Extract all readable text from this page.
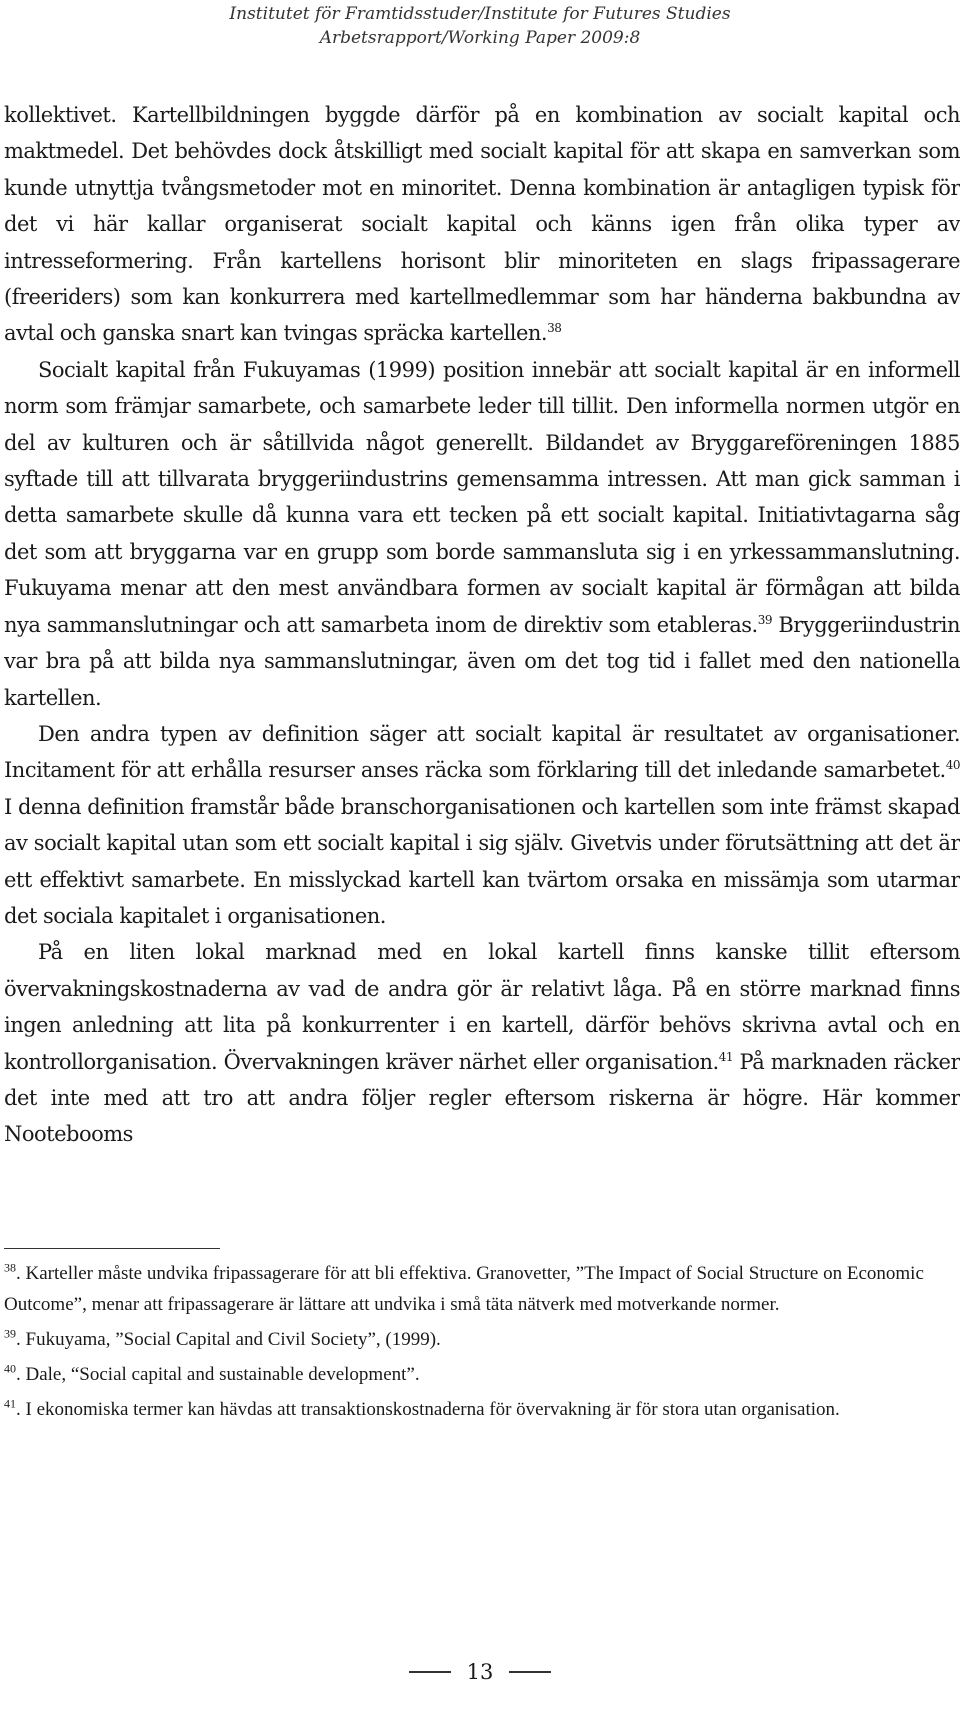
Institutet för Framtidsstuder/Institute for Futures Studies
Arbetsrapport/Working Paper 2009:8

kollektivet. Kartellbildningen byggde därför på en kombination av socialt kapital och maktmedel. Det behövdes dock åtskilligt med socialt kapital för att skapa en samverkan som kunde utnyttja tvångsmetoder mot en minoritet. Denna kombination är antagligen typisk för det vi här kallar organiserat socialt kapital och känns igen från olika typer av intresseformering. Från kartellens horisont blir minoriteten en slags fripassagerare (freeriders) som kan konkurrera med kartellmedlemmar som har händerna bakbundna av avtal och ganska snart kan tvingas spräcka kartellen.$^{38}$

Socialt kapital från Fukuyamas (1999) position innebär att socialt kapital är en informell norm som främjar samarbete, och samarbete leder till tillit. Den informella normen utgör en del av kulturen och är såtillvida något generellt. Bildandet av Bryggareföreningen 1885 syftade till att tillvarata bryggeriindustrins gemensamma intressen. Att man gick samman i detta samarbete skulle då kunna vara ett tecken på ett socialt kapital. Initiativtagarna såg det som att bryggarna var en grupp som borde sammansluta sig i en yrkessammanslutning. Fukuyama menar att den mest användbara formen av socialt kapital är förmågan att bilda nya sammanslutningar och att samarbeta inom de direktiv som etableras.$^{39}$ Bryggeriindustrin var bra på att bilda nya sammanslutningar, även om det tog tid i fallet med den nationella kartellen.

Den andra typen av definition säger att socialt kapital är resultatet av organisationer. Incitament för att erhålla resurser anses räcka som förklaring till det inledande samarbetet.$^{40}$ I denna definition framstår både branschorganisationen och kartellen som inte främst skapad av socialt kapital utan som ett socialt kapital i sig själv. Givetvis under förutsättning att det är ett effektivt samarbete. En misslyckad kartell kan tvärtom orsaka en missämja som utarmar det sociala kapitalet i organisationen.

På en liten lokal marknad med en lokal kartell finns kanske tillit eftersom övervakningskostnaderna av vad de andra gör är relativt låga. På en större marknad finns ingen anledning att lita på konkurrenter i en kartell, därför behövs skrivna avtal och en kontrollorganisation. Övervakningen kräver närhet eller organisation.$^{41}$ På marknaden räcker det inte med att tro att andra följer regler eftersom riskerna är högre. Här kommer Nootebooms

$^{38}$. Karteller måste undvika fripassagerare för att bli effektiva. Granovetter, ”The Impact of Social Structure on Economic Outcome”, menar att fripassagerare är lättare att undvika i små täta nätverk med motverkande normer.

$^{39}$. Fukuyama, ”Social Capital and Civil Society”, (1999).

$^{40}$. Dale, “Social capital and sustainable development”.

$^{41}$. I ekonomiska termer kan hävdas att transaktionskostnaderna för övervakning är för stora utan organisation.

13
